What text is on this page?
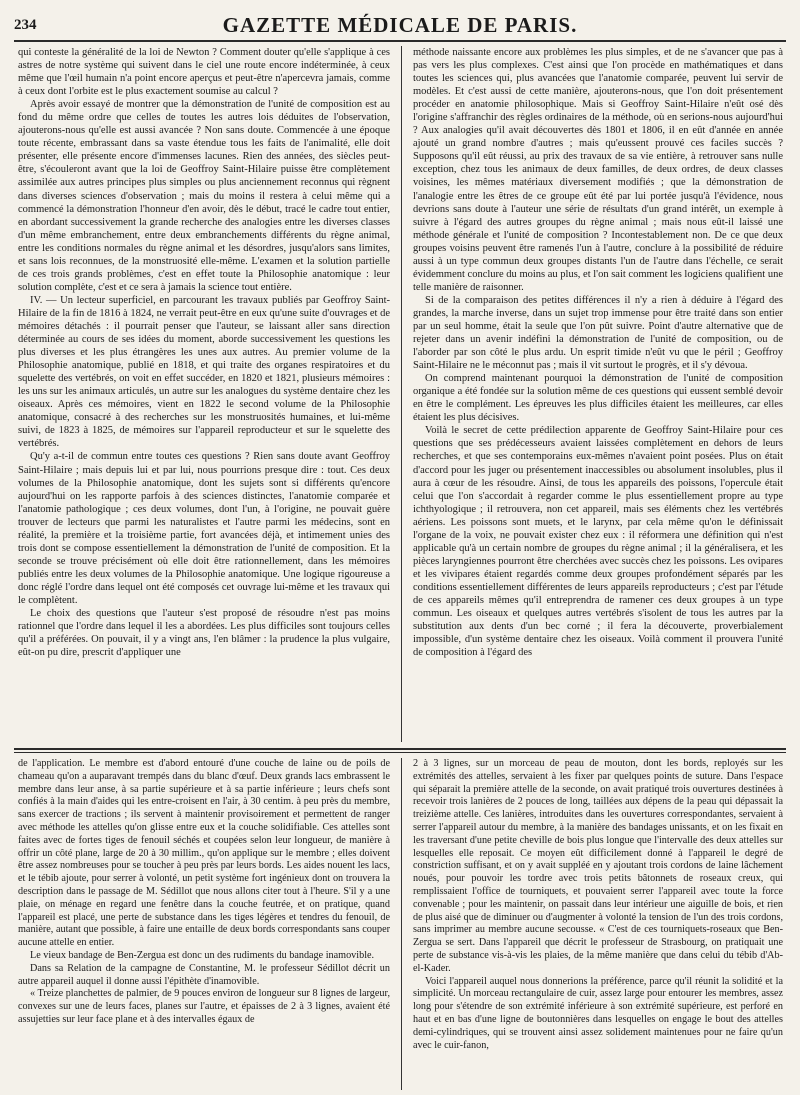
234	GAZETTE MÉDICALE DE PARIS.

qui conteste la généralité de la loi de Newton ? Comment douter qu'elle s'applique à ces astres de notre système qui suivent dans le ciel une route encore indéterminée, à ceux même que l'œil humain n'a point encore aperçus et peut-être n'apercevra jamais, comme à ceux dont l'orbite est le plus exactement soumise au calcul ?

Après avoir essayé de montrer que la démonstration de l'unité de composition est au fond du même ordre que celles de toutes les autres lois déduites de l'observation, ajouterons-nous qu'elle est aussi avancée ? Non sans doute. Commencée à une époque toute récente, embrassant dans sa vaste étendue tous les faits de l'animalité, elle doit présenter, elle présente encore d'immenses lacunes. Rien des années, des siècles peut-être, s'écouleront avant que la loi de Geoffroy Saint-Hilaire puisse être complètement assimilée aux autres principes plus simples ou plus anciennement reconnus qui règnent dans diverses sciences d'observation ; mais du moins il restera à celui même qui a commencé la démonstration l'honneur d'en avoir, dès le début, tracé le cadre tout entier, en abordant successivement la grande recherche des analogies entre les diverses classes d'un même embranchement, entre deux embranchements différents du règne animal, entre les conditions normales du règne animal et les désordres, jusqu'alors sans limites, et sans lois reconnues, de la monstruosité elle-même. L'examen et la solution partielle de ces trois grands problèmes, c'est en effet toute la Philosophie anatomique : leur solution complète, c'est et ce sera à jamais la science tout entière.

IV. — Un lecteur superficiel, en parcourant les travaux publiés par Geoffroy Saint-Hilaire de la fin de 1816 à 1824, ne verrait peut-être en eux qu'une suite d'ouvrages et de mémoires détachés : il pourrait penser que l'auteur, se laissant aller sans direction déterminée au cours de ses idées du moment, aborde successivement les questions les plus diverses et les plus étrangères les unes aux autres. Au premier volume de la Philosophie anatomique, publié en 1818, et qui traite des organes respiratoires et du squelette des vertébrés, on voit en effet succéder, en 1820 et 1821, plusieurs mémoires : les uns sur les animaux articulés, un autre sur les analogues du système dentaire chez les oiseaux. Après ces mémoires, vient en 1822 le second volume de la Philosophie anatomique, consacré à des recherches sur les monstruosités humaines, et lui-même suivi, de 1823 à 1825, de mémoires sur l'appareil reproducteur et sur le squelette des vertébrés.

Qu'y a-t-il de commun entre toutes ces questions ? Rien sans doute avant Geoffroy Saint-Hilaire ; mais depuis lui et par lui, nous pourrions presque dire : tout. Ces deux volumes de la Philosophie anatomique, dont les sujets sont si différents qu'encore aujourd'hui on les rapporte parfois à des sciences distinctes, l'anatomie comparée et l'anatomie pathologique ; ces deux volumes, dont l'un, à l'origine, ne pouvait guère trouver de lecteurs que parmi les naturalistes et l'autre parmi les médecins, sont en réalité, la première et la troisième partie, fort avancées déjà, et intimement unies des trois dont se compose essentiellement la démonstration de l'unité de composition. Et la seconde se trouve précisément où elle doit être rationnellement, dans les mémoires publiés entre les deux volumes de la Philosophie anatomique. Une logique rigoureuse a donc réglé l'ordre dans lequel ont été composés cet ouvrage lui-même et les travaux qui le complètent.

Le choix des questions que l'auteur s'est proposé de résoudre n'est pas moins rationnel que l'ordre dans lequel il les a abordées. Les plus difficiles sont toujours celles qu'il a préférées. On pouvait, il y a vingt ans, l'en blâmer : la prudence la plus vulgaire, eût-on pu dire, prescrit d'appliquer une

méthode naissante encore aux problèmes les plus simples, et de ne s'avancer que pas à pas vers les plus complexes. C'est ainsi que l'on procède en mathématiques et dans toutes les sciences qui, plus avancées que l'anatomie comparée, peuvent lui servir de modèles. Et c'est aussi de cette manière, ajouterons-nous, que l'on doit présentement procéder en anatomie philosophique. Mais si Geoffroy Saint-Hilaire n'eût osé dès l'origine s'affranchir des règles ordinaires de la méthode, où en serions-nous aujourd'hui ? Aux analogies qu'il avait découvertes dès 1801 et 1806, il en eût d'année en année ajouté un grand nombre d'autres ; mais qu'eussent prouvé ces faciles succès ? Supposons qu'il eût réussi, au prix des travaux de sa vie entière, à retrouver sans nulle exception, chez tous les animaux de deux familles, de deux ordres, de deux classes voisines, les mêmes matériaux diversement modifiés ; que la démonstration de l'analogie entre les êtres de ce groupe eût été par lui portée jusqu'à l'évidence, nous devrions sans doute à l'auteur une série de résultats d'un grand intérêt, un exemple à suivre à l'égard des autres groupes du règne animal ; mais nous eût-il laissé une méthode générale et l'unité de composition ? Incontestablement non. De ce que deux groupes voisins peuvent être ramenés l'un à l'autre, conclure à la possibilité de réduire aussi à un type commun deux groupes distants l'un de l'autre dans l'échelle, ce serait évidemment conclure du moins au plus, et l'on sait comment les logiciens qualifient une telle manière de raisonner.

Si de la comparaison des petites différences il n'y a rien à déduire à l'égard des grandes, la marche inverse, dans un sujet trop immense pour être traité dans son entier par un seul homme, était la seule que l'on pût suivre. Point d'autre alternative que de rejeter dans un avenir indéfini la démonstration de l'unité de composition, ou de l'aborder par son côté le plus ardu. Un esprit timide n'eût vu que le péril ; Geoffroy Saint-Hilaire ne le méconnut pas ; mais il vit surtout le progrès, et il s'y dévoua.

On comprend maintenant pourquoi la démonstration de l'unité de composition organique a été fondée sur la solution même de ces questions qui eussent semblé devoir en être le complément. Les épreuves les plus difficiles étaient les meilleures, car elles étaient les plus décisives.

Voilà le secret de cette prédilection apparente de Geoffroy Saint-Hilaire pour ces questions que ses prédécesseurs avaient laissées complètement en dehors de leurs recherches, et que ses contemporains eux-mêmes n'avaient point posées. Plus on était d'accord pour les juger ou présentement inaccessibles ou absolument insolubles, plus il aura à cœur de les résoudre. Ainsi, de tous les appareils des poissons, l'opercule était celui que l'on s'accordait à regarder comme le plus essentiellement propre au type ichthyologique ; il retrouvera, non cet appareil, mais ses éléments chez les vertébrés aériens. Les poissons sont muets, et le larynx, par cela même qu'on le définissait l'organe de la voix, ne pouvait exister chez eux : il réformera une définition qui n'est applicable qu'à un certain nombre de groupes du règne animal ; il la généralisera, et les pièces laryngiennes pourront être cherchées avec succès chez les poissons. Les ovipares et les vivipares étaient regardés comme deux groupes profondément séparés par les conditions essentiellement différentes de leurs appareils reproducteurs ; c'est par l'étude de ces appareils mêmes qu'il entreprendra de ramener ces deux groupes à un type commun. Les oiseaux et quelques autres vertébrés s'isolent de tous les autres par la substitution aux dents d'un bec corné ; il fera la découverte, proverbialement impossible, d'un système dentaire chez les oiseaux. Voilà comment il prouvera l'unité de composition à l'égard des

de l'application. Le membre est d'abord entouré d'une couche de laine ou de poils de chameau qu'on a auparavant trempés dans du blanc d'œuf. Deux grands lacs embrassent le membre dans leur anse, à sa partie supérieure et à sa partie inférieure ; leurs chefs sont confiés à la main d'aides qui les entre-croisent en l'air, à 30 centim. à peu près du membre, sans exercer de tractions ; ils servent à maintenir provisoirement et permettent de ranger avec méthode les attelles qu'on glisse entre eux et la couche solidifiable. Ces attelles sont faites avec de fortes tiges de fenouil séchés et coupées selon leur longueur, de manière à offrir un côté plane, large de 20 à 30 millim., qu'on applique sur le membre ; elles doivent être assez nombreuses pour se toucher à peu près par leurs bords. Les aides nouent les lacs, et le tébib ajoute, pour serrer à volonté, un petit système fort ingénieux dont on trouvera la description dans le passage de M. Sédillot que nous allons citer tout à l'heure. S'il y a une plaie, on ménage en regard une fenêtre dans la couche feutrée, et on pratique, quand l'appareil est placé, une perte de substance dans les tiges légères et tendres du fenouil, de manière, autant que possible, à faire une entaille de deux bords correspondants sans couper aucune attelle en entier.

Le vieux bandage de Ben-Zergua est donc un des rudiments du bandage inamovible.

Dans sa Relation de la campagne de Constantine, M. le professeur Sédillot décrit un autre appareil auquel il donne aussi l'épithète d'inamovible.

« Treize planchettes de palmier, de 9 pouces environ de longueur sur 8 lignes de largeur, convexes sur une de leurs faces, planes sur l'autre, et épaisses de 2 à 3 lignes, avaient été assujetties sur leur face plane et à des intervalles égaux de

2 à 3 lignes, sur un morceau de peau de mouton, dont les bords, reployés sur les extrémités des attelles, servaient à les fixer par quelques points de suture. Dans l'espace qui séparait la première attelle de la seconde, on avait pratiqué trois ouvertures destinées à recevoir trois lanières de 2 pouces de long, taillées aux dépens de la peau qui dépassait la treizième attelle. Ces lanières, introduites dans les ouvertures correspondantes, servaient à serrer l'appareil autour du membre, à la manière des bandages unissants, et on les fixait en les traversant d'une petite cheville de bois plus longue que l'intervalle des deux attelles sur lesquelles elle reposait. Ce moyen eût difficilement donné à l'appareil le degré de constriction suffisant, et on y avait suppléé en y ajoutant trois cordons de laine lâchement noués, pour pouvoir les tordre avec trois petits bâtonnets de roseaux creux, qui remplissaient l'office de tourniquets, et pouvaient serrer l'appareil avec toute la force convenable ; pour les maintenir, on passait dans leur intérieur une aiguille de bois, et rien de plus aisé que de diminuer ou d'augmenter à volonté la tension de l'un des trois cordons, sans imprimer au membre aucune secousse. « C'est de ces tourniquets-roseaux que Ben-Zergua se sert. Dans l'appareil que décrit le professeur de Strasbourg, on pratiquait une perte de substance vis-à-vis les plaies, de la même manière que dans celui du tébib d'Ab-el-Kader.

Voici l'appareil auquel nous donnerions la préférence, parce qu'il réunit la solidité et la simplicité. Un morceau rectangulaire de cuir, assez large pour entourer les membres, assez long pour s'étendre de son extrémité inférieure à son extrémité supérieure, est perforé en haut et en bas d'une ligne de boutonnières dans lesquelles on engage le bout des attelles demi-cylindriques, qui se trouvent ainsi assez solidement maintenues pour ne faire qu'un avec le cuir-fanon,
